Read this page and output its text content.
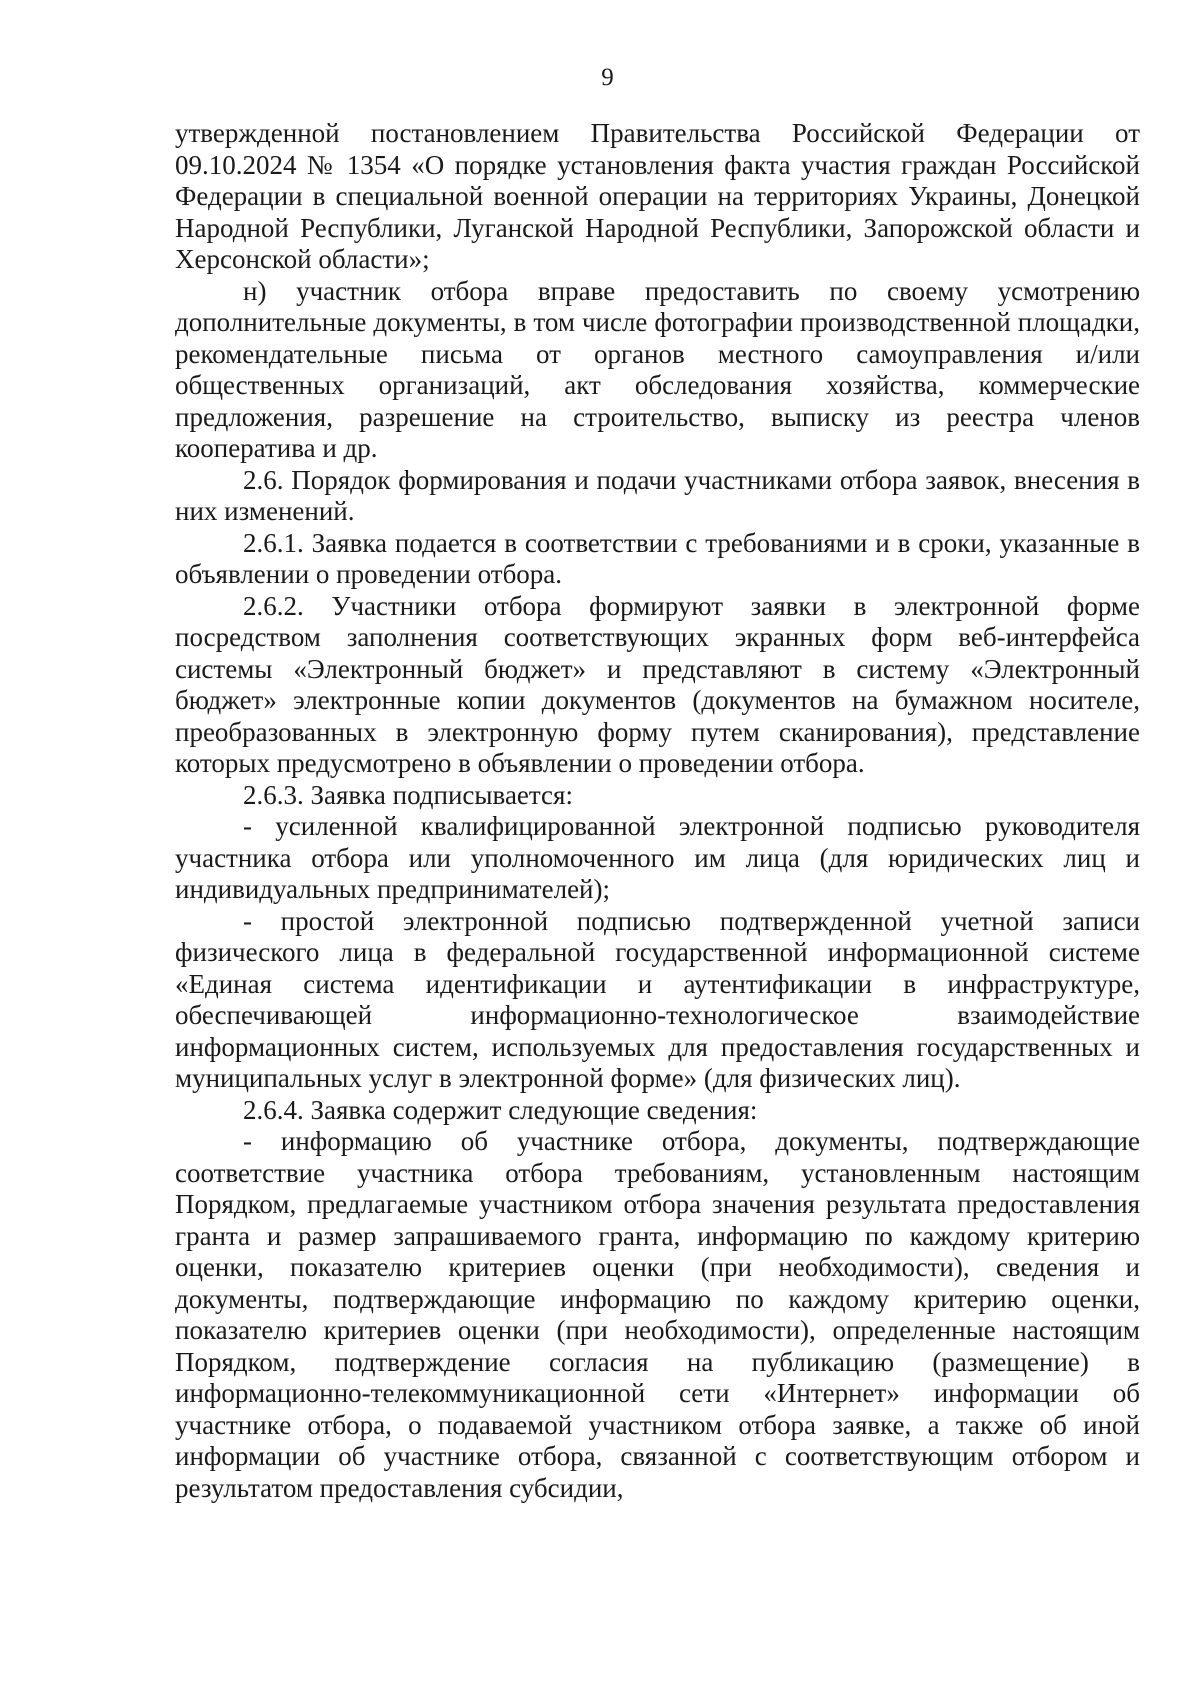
9

утвержденной постановлением Правительства Российской Федерации от 09.10.2024 № 1354 «О порядке установления факта участия граждан Российской Федерации в специальной военной операции на территориях Украины, Донецкой Народной Республики, Луганской Народной Республики, Запорожской области и Херсонской области»;

н) участник отбора вправе предоставить по своему усмотрению дополнительные документы, в том числе фотографии производственной площадки, рекомендательные письма от органов местного самоуправления и/или общественных организаций, акт обследования хозяйства, коммерческие предложения, разрешение на строительство, выписку из реестра членов кооператива и др.

2.6. Порядок формирования и подачи участниками отбора заявок, внесения в них изменений.

2.6.1. Заявка подается в соответствии с требованиями и в сроки, указанные в объявлении о проведении отбора.

2.6.2. Участники отбора формируют заявки в электронной форме посредством заполнения соответствующих экранных форм веб-интерфейса системы «Электронный бюджет» и представляют в систему «Электронный бюджет» электронные копии документов (документов на бумажном носителе, преобразованных в электронную форму путем сканирования), представление которых предусмотрено в объявлении о проведении отбора.

2.6.3. Заявка подписывается:

- усиленной квалифицированной электронной подписью руководителя участника отбора или уполномоченного им лица (для юридических лиц и индивидуальных предпринимателей);

- простой электронной подписью подтвержденной учетной записи физического лица в федеральной государственной информационной системе «Единая система идентификации и аутентификации в инфраструктуре, обеспечивающей информационно-технологическое взаимодействие информационных систем, используемых для предоставления государственных и муниципальных услуг в электронной форме» (для физических лиц).

2.6.4. Заявка содержит следующие сведения:

- информацию об участнике отбора, документы, подтверждающие соответствие участника отбора требованиям, установленным настоящим Порядком, предлагаемые участником отбора значения результата предоставления гранта и размер запрашиваемого гранта, информацию по каждому критерию оценки, показателю критериев оценки (при необходимости), сведения и документы, подтверждающие информацию по каждому критерию оценки, показателю критериев оценки (при необходимости), определенные настоящим Порядком, подтверждение согласия на публикацию (размещение) в информационно-телекоммуникационной сети «Интернет» информации об участнике отбора, о подаваемой участником отбора заявке, а также об иной информации об участнике отбора, связанной с соответствующим отбором и результатом предоставления субсидии,
